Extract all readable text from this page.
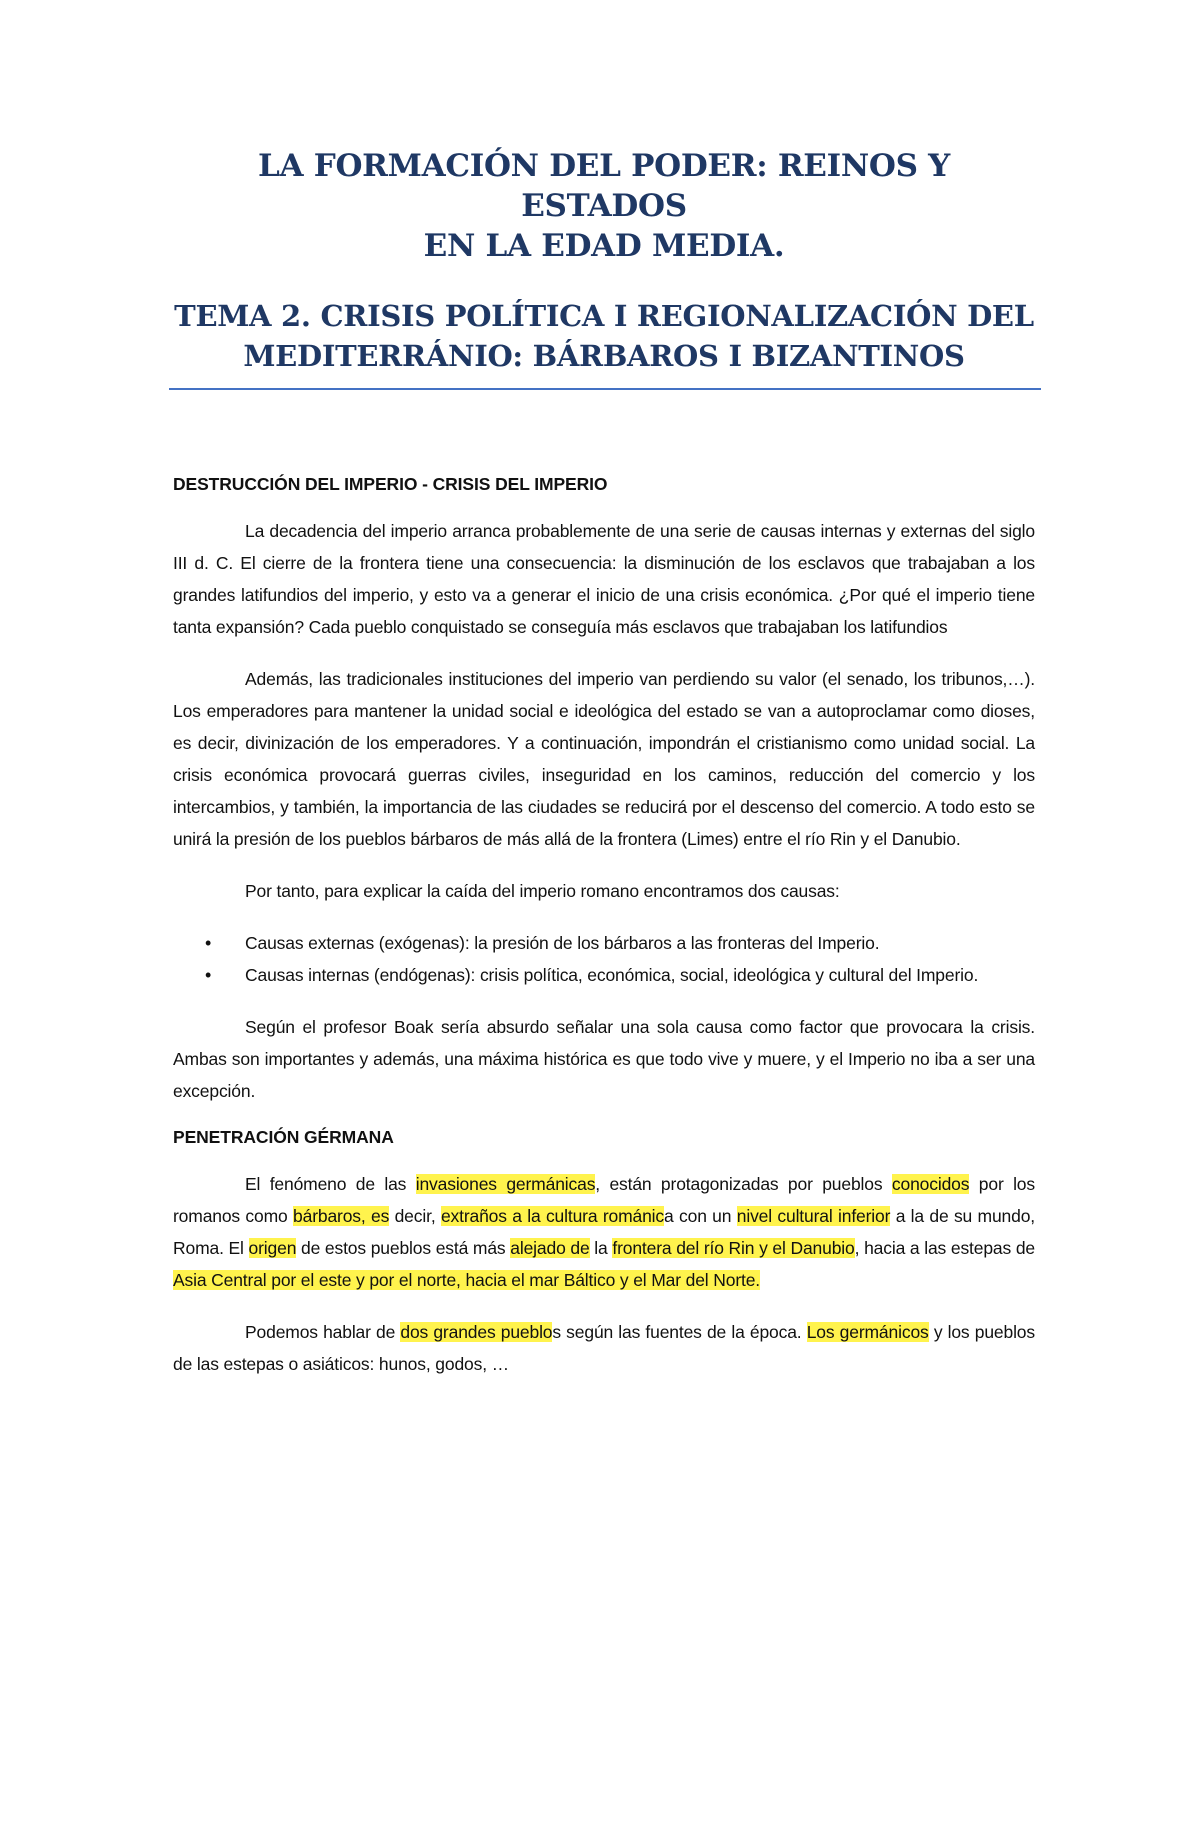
LA FORMACIÓN DEL PODER: REINOS Y ESTADOS
EN LA EDAD MEDIA.
TEMA 2. CRISIS POLÍTICA I REGIONALIZACIÓN DEL
MEDITERRÁNIO: BÁRBAROS I BIZANTINOS
DESTRUCCIÓN DEL IMPERIO - CRISIS DEL IMPERIO

La decadencia del imperio arranca probablemente de una serie de causas internas y externas del siglo III d. C. El cierre de la frontera tiene una consecuencia: la disminución de los esclavos que trabajaban a los grandes latifundios del imperio, y esto va a generar el inicio de una crisis económica. ¿Por qué el imperio tiene tanta expansión? Cada pueblo conquistado se conseguía más esclavos que trabajaban los latifundios

Además, las tradicionales instituciones del imperio van perdiendo su valor (el senado, los tribunos,…). Los emperadores para mantener la unidad social e ideológica del estado se van a autoproclamar como dioses, es decir, divinización de los emperadores. Y a continuación, impondrán el cristianismo como unidad social. La crisis económica provocará guerras civiles, inseguridad en los caminos, reducción del comercio y los intercambios, y también, la importancia de las ciudades se reducirá por el descenso del comercio. A todo esto se unirá la presión de los pueblos bárbaros de más allá de la frontera (Limes) entre el río Rin y el Danubio.

Por tanto, para explicar la caída del imperio romano encontramos dos causas:

• Causas externas (exógenas): la presión de los bárbaros a las fronteras del Imperio.
• Causas internas (endógenas): crisis política, económica, social, ideológica y cultural del Imperio.

Según el profesor Boak sería absurdo señalar una sola causa como factor que provocara la crisis. Ambas son importantes y además, una máxima histórica es que todo vive y muere, y el Imperio no iba a ser una excepción.

PENETRACIÓN GÉRMANA

El fenómeno de las invasiones germánicas, están protagonizadas por pueblos conocidos por los romanos como bárbaros, es decir, extraños a la cultura románica con un nivel cultural inferior a la de su mundo, Roma. El origen de estos pueblos está más alejado de la frontera del río Rin y el Danubio, hacia a las estepas de Asia Central por el este y por el norte, hacia el mar Báltico y el Mar del Norte.

Podemos hablar de dos grandes pueblos según las fuentes de la época. Los germánicos y los pueblos de las estepas o asiáticos: hunos, godos, …
